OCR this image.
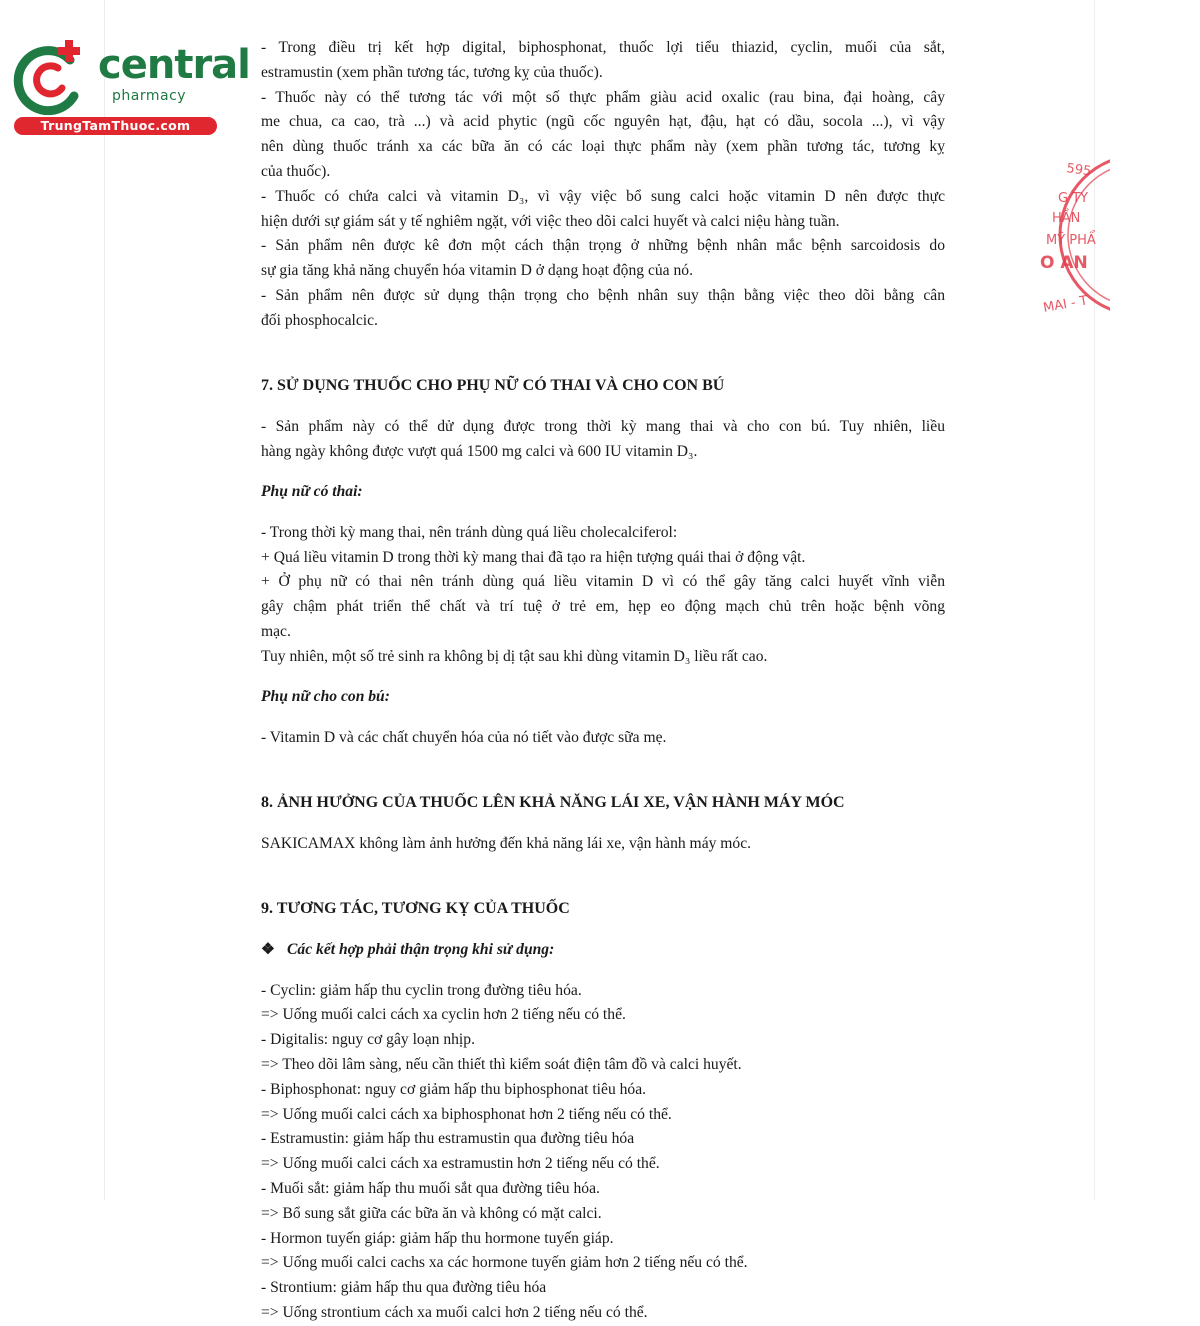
central
pharmacy
TrungTamThuoc.com
595
G TY
HẦN
MỸ PHẨ
O AN
MAI - T

- Trong điều trị kết hợp digital, biphosphonat, thuốc lợi tiểu thiazid, cyclin, muối của sắt,

estramustin (xem phần tương tác, tương kỵ của thuốc).

- Thuốc này có thể tương tác với một số thực phẩm giàu acid oxalic (rau bina, đại hoàng, cây

me chua, ca cao, trà ...) và acid phytic (ngũ cốc nguyên hạt, đậu, hạt có dầu, socola ...), vì vậy

nên dùng thuốc tránh xa các bữa ăn có các loại thực phẩm này (xem phần tương tác, tương kỵ

của thuốc).

- Thuốc có chứa calci và vitamin D₃, vì vậy việc bổ sung calci hoặc vitamin D nên được thực

hiện dưới sự giám sát y tế nghiêm ngặt, với việc theo dõi calci huyết và calci niệu hàng tuần.

- Sản phẩm nên được kê đơn một cách thận trọng ở những bệnh nhân mắc bệnh sarcoidosis do

sự gia tăng khả năng chuyển hóa vitamin D ở dạng hoạt động của nó.

- Sản phẩm nên được sử dụng thận trọng cho bệnh nhân suy thận bằng việc theo dõi bằng cân

đối phosphocalcic.

7. SỬ DỤNG THUỐC CHO PHỤ NỮ CÓ THAI VÀ CHO CON BÚ

- Sản phẩm này có thể dử dụng được trong thời kỳ mang thai và cho con bú. Tuy nhiên, liều

hàng ngày không được vượt quá 1500 mg calci và 600 IU vitamin D₃.

Phụ nữ có thai:

- Trong thời kỳ mang thai, nên tránh dùng quá liều cholecalciferol:

+ Quá liều vitamin D trong thời kỳ mang thai đã tạo ra hiện tượng quái thai ở động vật.

+ Ở phụ nữ có thai nên tránh dùng quá liều vitamin D vì có thể gây tăng calci huyết vĩnh viễn

gây chậm phát triển thể chất và trí tuệ ở trẻ em, hẹp eo động mạch chủ trên hoặc bệnh võng

mạc.

Tuy nhiên, một số trẻ sinh ra không bị dị tật sau khi dùng vitamin D₃ liều rất cao.

Phụ nữ cho con bú:

- Vitamin D và các chất chuyển hóa của nó tiết vào được sữa mẹ.

8. ẢNH HƯỞNG CỦA THUỐC LÊN KHẢ NĂNG LÁI XE, VẬN HÀNH MÁY MÓC

SAKICAMAX không làm ảnh hưởng đến khả năng lái xe, vận hành máy móc.

9. TƯƠNG TÁC, TƯƠNG KỴ CỦA THUỐC

❖ Các kết hợp phải thận trọng khi sử dụng:

- Cyclin: giảm hấp thu cyclin trong đường tiêu hóa.

=> Uống muối calci cách xa cyclin hơn 2 tiếng nếu có thể.

- Digitalis: nguy cơ gây loạn nhịp.

=> Theo dõi lâm sàng, nếu cần thiết thì kiểm soát điện tâm đồ và calci huyết.

- Biphosphonat: nguy cơ giảm hấp thu biphosphonat tiêu hóa.

=> Uống muối calci cách xa biphosphonat hơn 2 tiếng nếu có thể.

- Estramustin: giảm hấp thu estramustin qua đường tiêu hóa

=> Uống muối calci cách xa estramustin hơn 2 tiếng nếu có thể.

- Muối sắt: giảm hấp thu muối sắt qua đường tiêu hóa.

=> Bổ sung sắt giữa các bữa ăn và không có mặt calci.

- Hormon tuyến giáp: giảm hấp thu hormone tuyến giáp.

=> Uống muối calci cachs xa các hormone tuyến giảm hơn 2 tiếng nếu có thể.

- Strontium: giảm hấp thu qua đường tiêu hóa

=> Uống strontium cách xa muối calci hơn 2 tiếng nếu có thể.
